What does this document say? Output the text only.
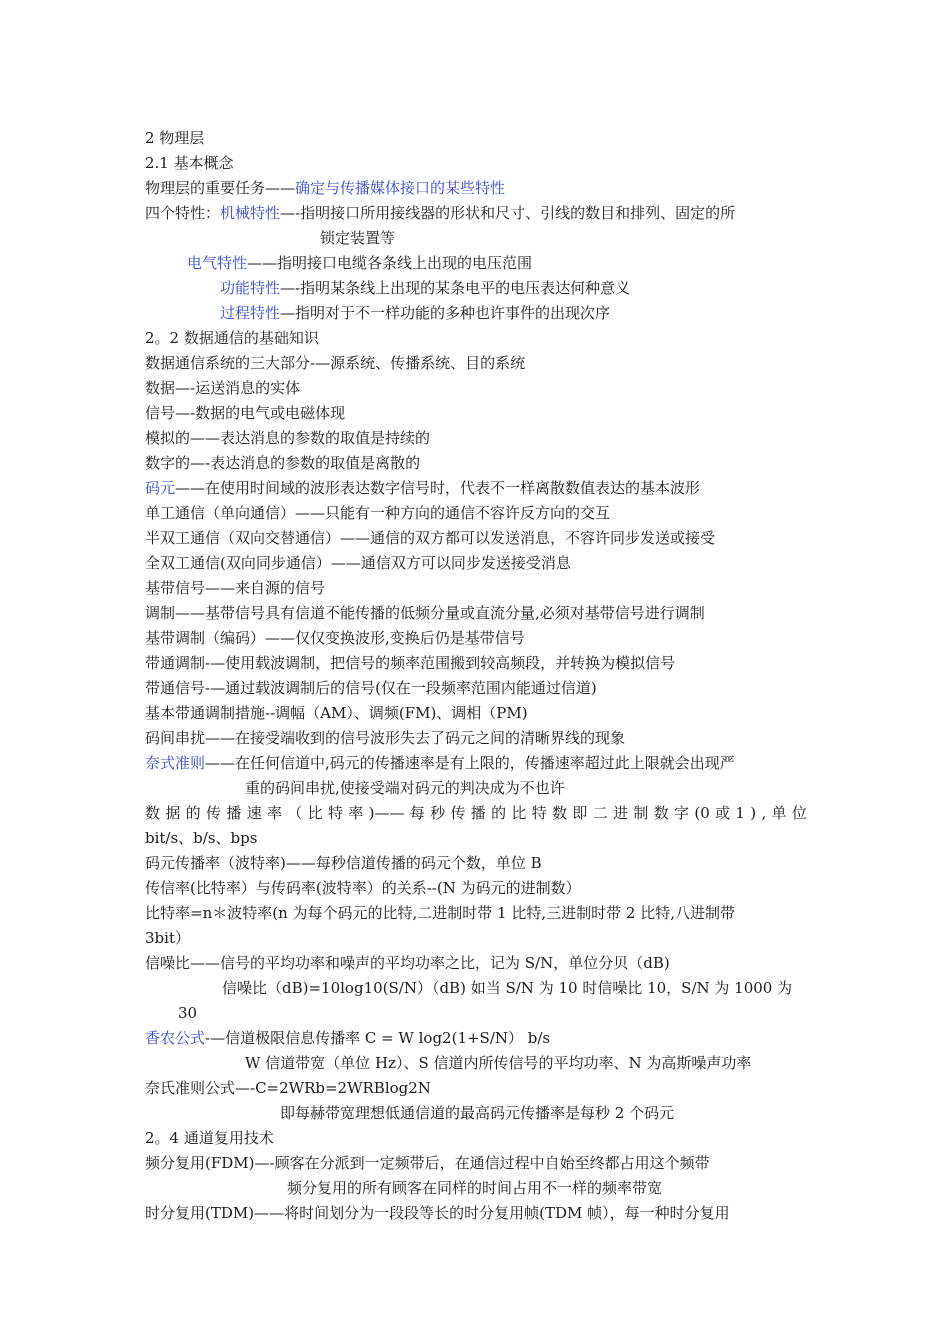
2 物理层
2.1 基本概念
物理层的重要任务——确定与传播媒体接口的某些特性
四个特性：机械特性—-指明接口所用接线器的形状和尺寸、引线的数目和排列、固定的所
锁定装置等
电气特性——指明接口电缆各条线上出现的电压范围
功能特性—-指明某条线上出现的某条电平的电压表达何种意义
过程特性—指明对于不一样功能的多种也许事件的出现次序
2。2 数据通信的基础知识
数据通信系统的三大部分-—源系统、传播系统、目的系统
数据—-运送消息的实体
信号—-数据的电气或电磁体现
模拟的——表达消息的参数的取值是持续的
数字的—-表达消息的参数的取值是离散的
码元——在使用时间域的波形表达数字信号时，代表不一样离散数值表达的基本波形
单工通信（单向通信）——只能有一种方向的通信不容许反方向的交互
半双工通信（双向交替通信）——通信的双方都可以发送消息，不容许同步发送或接受
全双工通信(双向同步通信）——通信双方可以同步发送接受消息
基带信号——来自源的信号
调制——基带信号具有信道不能传播的低频分量或直流分量,必须对基带信号进行调制
基带调制（编码）——仅仅变换波形,变换后仍是基带信号
带通调制-—使用载波调制，把信号的频率范围搬到较高频段，并转换为模拟信号
带通信号-—通过载波调制后的信号(仅在一段频率范围内能通过信道)
基本带通调制措施--调幅（AM）、调频(FM)、调相（PM)
码间串扰——在接受端收到的信号波形失去了码元之间的清晰界线的现象
奈式准则——在任何信道中,码元的传播速率是有上限的，传播速率超过此上限就会出现严
重的码间串扰,使接受端对码元的判决成为不也许
数 据 的 传 播 速 率 （ 比 特 率 )—— 每 秒 传 播 的 比 特 数 即 二 进 制 数 字 (0 或 1 ) , 单 位
bit/s、b/s、bps
码元传播率（波特率)——每秒信道传播的码元个数，单位 B
传信率(比特率）与传码率(波特率）的关系--(N 为码元的进制数）
比特率=n＊波特率(n 为每个码元的比特,二进制时带 1 比特,三进制时带 2 比特,八进制带
3bit）
信噪比——信号的平均功率和噪声的平均功率之比，记为 S/N，单位分贝（dB)
信噪比（dB)=10log10(S/N）（dB) 如当 S/N 为 10 时信噪比 10，S/N 为 1000 为
30
香农公式-—信道极限信息传播率 C = W log2(1+S/N） b/s
W 信道带宽（单位 Hz）、S 信道内所传信号的平均功率、N 为高斯噪声功率
奈氏准则公式—-C=2WRb=2WRBlog2N
即每赫带宽理想低通信道的最高码元传播率是每秒 2 个码元
2。4 通道复用技术
频分复用(FDM)—-顾客在分派到一定频带后，在通信过程中自始至终都占用这个频带
频分复用的所有顾客在同样的时间占用不一样的频率带宽
时分复用(TDM)——将时间划分为一段段等长的时分复用帧(TDM 帧），每一种时分复用
